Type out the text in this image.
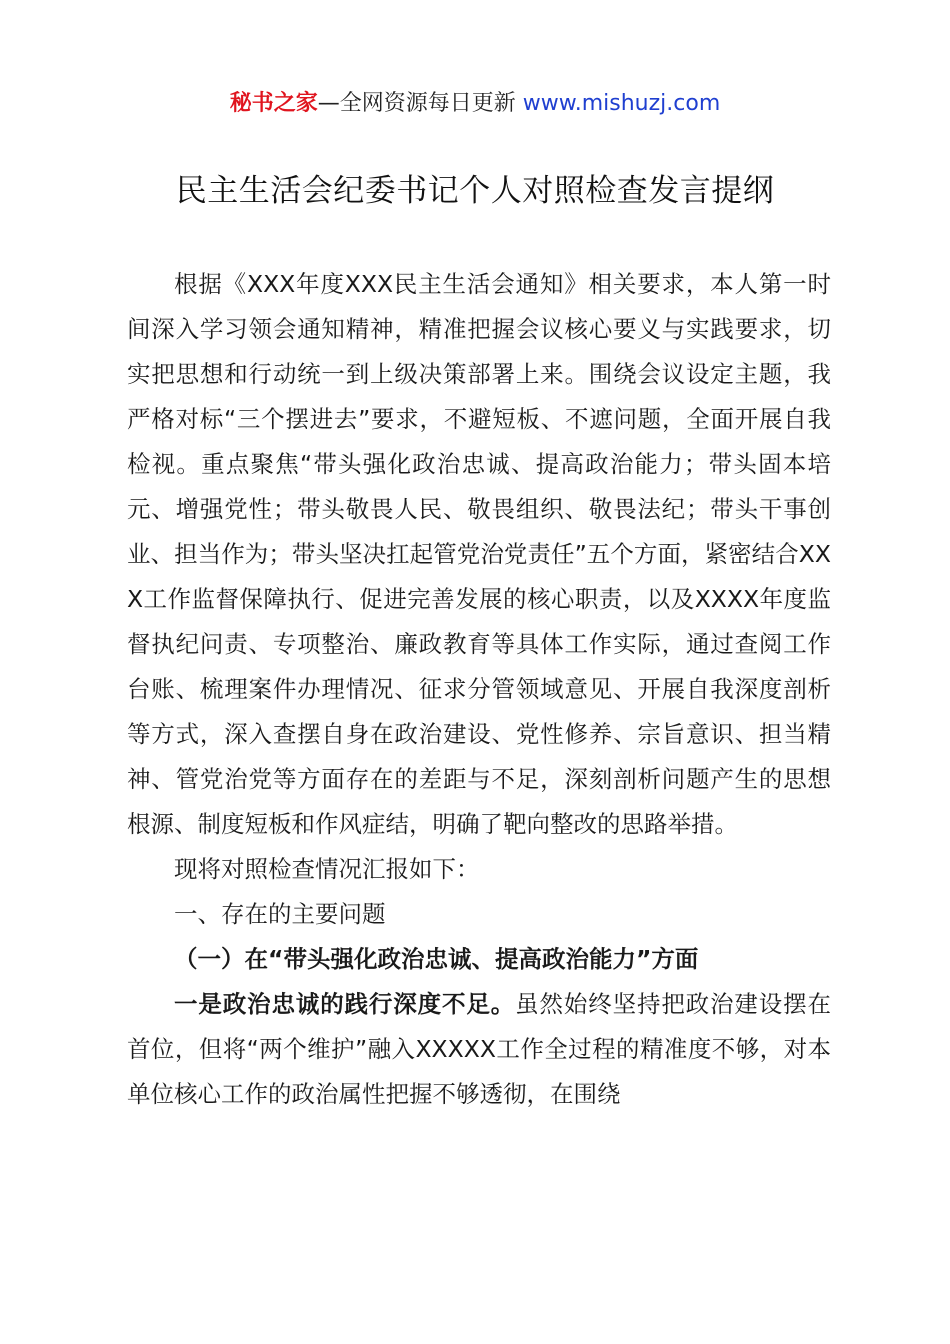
秘书之家—全网资源每日更新 www.mishuzj.com
民主生活会纪委书记个人对照检查发言提纲

根据《XXX年度XXX民主生活会通知》相关要求，本人第一时间深入学习领会通知精神，精准把握会议核心要义与实践要求，切实把思想和行动统一到上级决策部署上来。围绕会议设定主题，我严格对标“三个摆进去”要求，不避短板、不遮问题，全面开展自我检视。重点聚焦“带头强化政治忠诚、提高政治能力；带头固本培元、增强党性；带头敬畏人民、敬畏组织、敬畏法纪；带头干事创业、担当作为；带头坚决扛起管党治党责任”五个方面，紧密结合XXX工作监督保障执行、促进完善发展的核心职责，以及XXXX年度监督执纪问责、专项整治、廉政教育等具体工作实际，通过查阅工作台账、梳理案件办理情况、征求分管领域意见、开展自我深度剖析等方式，深入查摆自身在政治建设、党性修养、宗旨意识、担当精神、管党治党等方面存在的差距与不足，深刻剖析问题产生的思想根源、制度短板和作风症结，明确了靶向整改的思路举措。

现将对照检查情况汇报如下：

一、存在的主要问题

（一）在“带头强化政治忠诚、提高政治能力”方面

一是政治忠诚的践行深度不足。虽然始终坚持把政治建设摆在首位，但将“两个维护”融入XXXXX工作全过程的精准度不够，对本单位核心工作的政治属性把握不够透彻，在围绕
